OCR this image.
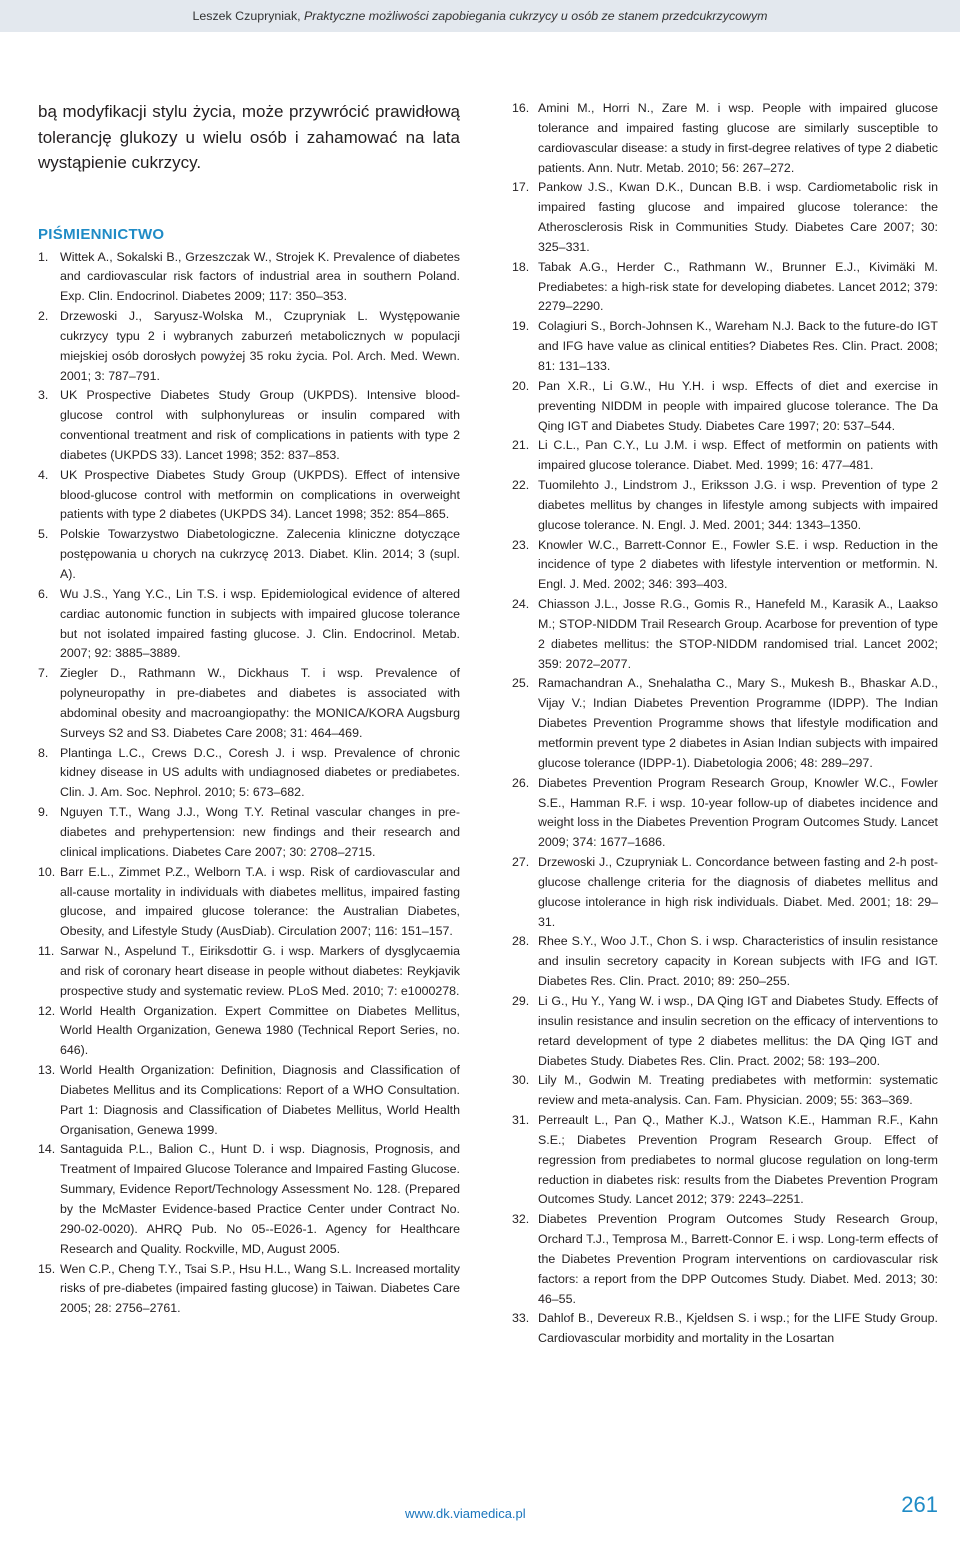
Leszek Czupryniak, Praktyczne możliwości zapobiegania cukrzycy u osób ze stanem przedcukrzycowym

bą modyfikacji stylu życia, może przywrócić prawidłową tolerancję glukozy u wielu osób i zahamować na lata wystąpienie cukrzycy.

PIŚMIENNICTWO
1. Wittek A., Sokalski B., Grzeszczak W., Strojek K. Prevalence of diabetes and cardiovascular risk factors of industrial area in southern Poland. Exp. Clin. Endocrinol. Diabetes 2009; 117: 350–353.
2. Drzewoski J., Saryusz-Wolska M., Czupryniak L. Występowanie cukrzycy typu 2 i wybranych zaburzeń metabolicznych w populacji miejskiej osób dorosłych powyżej 35 roku życia. Pol. Arch. Med. Wewn. 2001; 3: 787–791.
3. UK Prospective Diabetes Study Group (UKPDS). Intensive blood-glucose control with sulphonylureas or insulin compared with conventional treatment and risk of complications in patients with type 2 diabetes (UKPDS 33). Lancet 1998; 352: 837–853.
4. UK Prospective Diabetes Study Group (UKPDS). Effect of intensive blood-glucose control with metformin on complications in overweight patients with type 2 diabetes (UKPDS 34). Lancet 1998; 352: 854–865.
5. Polskie Towarzystwo Diabetologiczne. Zalecenia kliniczne dotyczące postępowania u chorych na cukrzycę 2013. Diabet. Klin. 2014; 3 (supl. A).
6. Wu J.S., Yang Y.C., Lin T.S. i wsp. Epidemiological evidence of altered cardiac autonomic function in subjects with impaired glucose tolerance but not isolated impaired fasting glucose. J. Clin. Endocrinol. Metab. 2007; 92: 3885–3889.
7. Ziegler D., Rathmann W., Dickhaus T. i wsp. Prevalence of polyneuropathy in pre-diabetes and diabetes is associated with abdominal obesity and macroangiopathy: the MONICA/KORA Augsburg Surveys S2 and S3. Diabetes Care 2008; 31: 464–469.
8. Plantinga L.C., Crews D.C., Coresh J. i wsp. Prevalence of chronic kidney disease in US adults with undiagnosed diabetes or prediabetes. Clin. J. Am. Soc. Nephrol. 2010; 5: 673–682.
9. Nguyen T.T., Wang J.J., Wong T.Y. Retinal vascular changes in pre-diabetes and prehypertension: new findings and their research and clinical implications. Diabetes Care 2007; 30: 2708–2715.
10. Barr E.L., Zimmet P.Z., Welborn T.A. i wsp. Risk of cardiovascular and all-cause mortality in individuals with diabetes mellitus, impaired fasting glucose, and impaired glucose tolerance: the Australian Diabetes, Obesity, and Lifestyle Study (AusDiab). Circulation 2007; 116: 151–157.
11. Sarwar N., Aspelund T., Eiriksdottir G. i wsp. Markers of dysglycaemia and risk of coronary heart disease in people without diabetes: Reykjavik prospective study and systematic review. PLoS Med. 2010; 7: e1000278.
12. World Health Organization. Expert Committee on Diabetes Mellitus, World Health Organization, Genewa 1980 (Technical Report Series, no. 646).
13. World Health Organization: Definition, Diagnosis and Classification of Diabetes Mellitus and its Complications: Report of a WHO Consultation. Part 1: Diagnosis and Classification of Diabetes Mellitus, World Health Organisation, Genewa 1999.
14. Santaguida P.L., Balion C., Hunt D. i wsp. Diagnosis, Prognosis, and Treatment of Impaired Glucose Tolerance and Impaired Fasting Glucose. Summary, Evidence Report/Technology Assessment No. 128. (Prepared by the McMaster Evidence-based Practice Center under Contract No. 290-02-0020). AHRQ Pub. No 05--E026-1. Agency for Healthcare Research and Quality. Rockville, MD, August 2005.
15. Wen C.P., Cheng T.Y., Tsai S.P., Hsu H.L., Wang S.L. Increased mortality risks of pre-diabetes (impaired fasting glucose) in Taiwan. Diabetes Care 2005; 28: 2756–2761.
16. Amini M., Horri N., Zare M. i wsp. People with impaired glucose tolerance and impaired fasting glucose are similarly susceptible to cardiovascular disease: a study in first-degree relatives of type 2 diabetic patients. Ann. Nutr. Metab. 2010; 56: 267–272.
17. Pankow J.S., Kwan D.K., Duncan B.B. i wsp. Cardiometabolic risk in impaired fasting glucose and impaired glucose tolerance: the Atherosclerosis Risk in Communities Study. Diabetes Care 2007; 30: 325–331.
18. Tabak A.G., Herder C., Rathmann W., Brunner E.J., Kivimäki M. Prediabetes: a high-risk state for developing diabetes. Lancet 2012; 379: 2279–2290.
19. Colagiuri S., Borch-Johnsen K., Wareham N.J. Back to the future-do IGT and IFG have value as clinical entities? Diabetes Res. Clin. Pract. 2008; 81: 131–133.
20. Pan X.R., Li G.W., Hu Y.H. i wsp. Effects of diet and exercise in preventing NIDDM in people with impaired glucose tolerance. The Da Qing IGT and Diabetes Study. Diabetes Care 1997; 20: 537–544.
21. Li C.L., Pan C.Y., Lu J.M. i wsp. Effect of metformin on patients with impaired glucose tolerance. Diabet. Med. 1999; 16: 477–481.
22. Tuomilehto J., Lindstrom J., Eriksson J.G. i wsp. Prevention of type 2 diabetes mellitus by changes in lifestyle among subjects with impaired glucose tolerance. N. Engl. J. Med. 2001; 344: 1343–1350.
23. Knowler W.C., Barrett-Connor E., Fowler S.E. i wsp. Reduction in the incidence of type 2 diabetes with lifestyle intervention or metformin. N. Engl. J. Med. 2002; 346: 393–403.
24. Chiasson J.L., Josse R.G., Gomis R., Hanefeld M., Karasik A., Laakso M.; STOP-NIDDM Trail Research Group. Acarbose for prevention of type 2 diabetes mellitus: the STOP-NIDDM randomised trial. Lancet 2002; 359: 2072–2077.
25. Ramachandran A., Snehalatha C., Mary S., Mukesh B., Bhaskar A.D., Vijay V.; Indian Diabetes Prevention Programme (IDPP). The Indian Diabetes Prevention Programme shows that lifestyle modification and metformin prevent type 2 diabetes in Asian Indian subjects with impaired glucose tolerance (IDPP-1). Diabetologia 2006; 48: 289–297.
26. Diabetes Prevention Program Research Group, Knowler W.C., Fowler S.E., Hamman R.F. i wsp. 10-year follow-up of diabetes incidence and weight loss in the Diabetes Prevention Program Outcomes Study. Lancet 2009; 374: 1677–1686.
27. Drzewoski J., Czupryniak L. Concordance between fasting and 2-h post-glucose challenge criteria for the diagnosis of diabetes mellitus and glucose intolerance in high risk individuals. Diabet. Med. 2001; 18: 29–31.
28. Rhee S.Y., Woo J.T., Chon S. i wsp. Characteristics of insulin resistance and insulin secretory capacity in Korean subjects with IFG and IGT. Diabetes Res. Clin. Pract. 2010; 89: 250–255.
29. Li G., Hu Y., Yang W. i wsp., DA Qing IGT and Diabetes Study. Effects of insulin resistance and insulin secretion on the efficacy of interventions to retard development of type 2 diabetes mellitus: the DA Qing IGT and Diabetes Study. Diabetes Res. Clin. Pract. 2002; 58: 193–200.
30. Lily M., Godwin M. Treating prediabetes with metformin: systematic review and meta-analysis. Can. Fam. Physician. 2009; 55: 363–369.
31. Perreault L., Pan Q., Mather K.J., Watson K.E., Hamman R.F., Kahn S.E.; Diabetes Prevention Program Research Group. Effect of regression from prediabetes to normal glucose regulation on long-term reduction in diabetes risk: results from the Diabetes Prevention Program Outcomes Study. Lancet 2012; 379: 2243–2251.
32. Diabetes Prevention Program Outcomes Study Research Group, Orchard T.J., Temprosa M., Barrett-Connor E. i wsp. Long-term effects of the Diabetes Prevention Program interventions on cardiovascular risk factors: a report from the DPP Outcomes Study. Diabet. Med. 2013; 30: 46–55.
33. Dahlof B., Devereux R.B., Kjeldsen S. i wsp.; for the LIFE Study Group. Cardiovascular morbidity and mortality in the Losartan
www.dk.viamedica.pl	261
